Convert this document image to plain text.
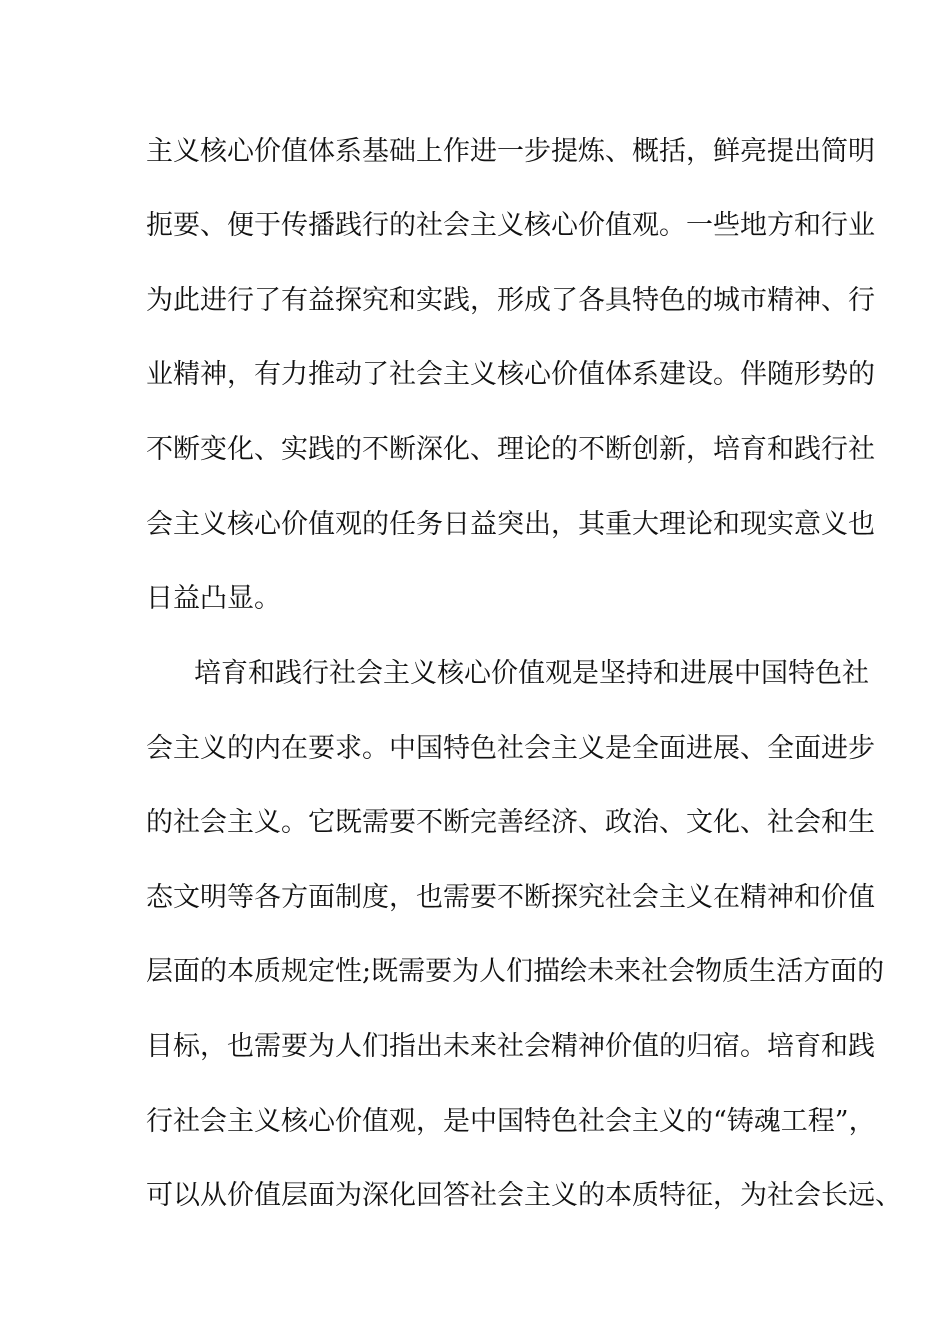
主义核心价值体系基础上作进一步提炼、概括，鲜亮提出简明
扼要、便于传播践行的社会主义核心价值观。一些地方和行业
为此进行了有益探究和实践，形成了各具特色的城市精神、行
业精神，有力推动了社会主义核心价值体系建设。伴随形势的
不断变化、实践的不断深化、理论的不断创新，培育和践行社
会主义核心价值观的任务日益突出，其重大理论和现实意义也
日益凸显。
培育和践行社会主义核心价值观是坚持和进展中国特色社
会主义的内在要求。中国特色社会主义是全面进展、全面进步
的社会主义。它既需要不断完善经济、政治、文化、社会和生
态文明等各方面制度，也需要不断探究社会主义在精神和价值
层面的本质规定性;既需要为人们描绘未来社会物质生活方面的
目标，也需要为人们指出未来社会精神价值的归宿。培育和践
行社会主义核心价值观，是中国特色社会主义的“铸魂工程”，
可以从价值层面为深化回答社会主义的本质特征，为社会长远、
